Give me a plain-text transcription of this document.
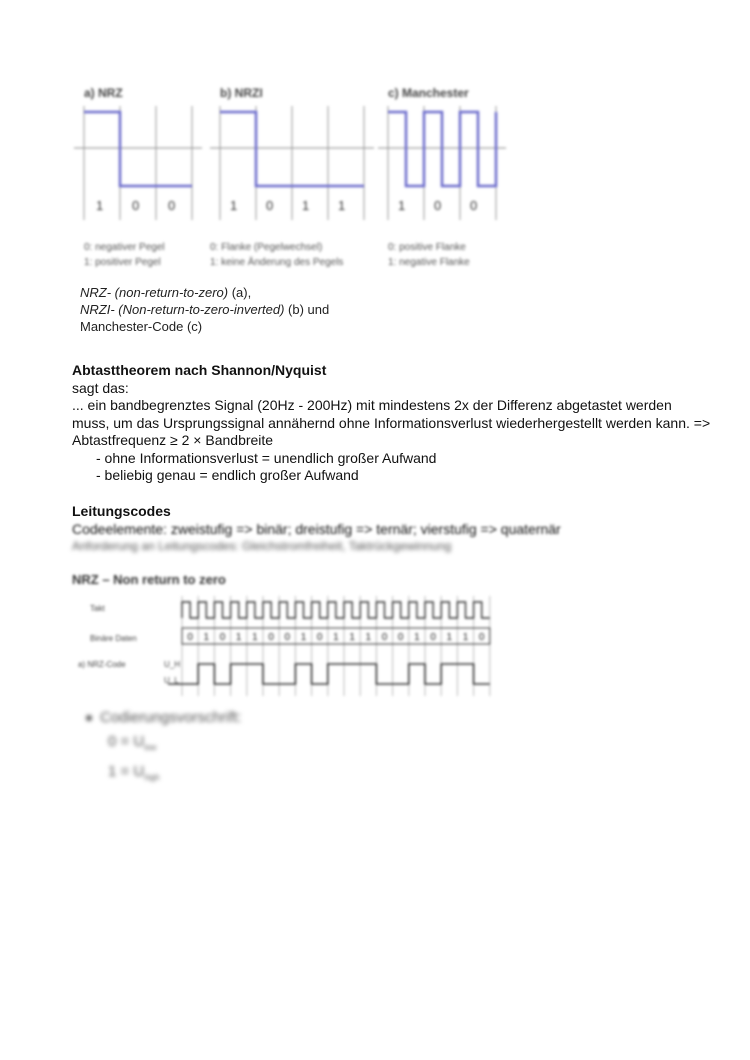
a) NRZ	b) NRZI	c) Manchester
1 0 0	1 0 1 1	1 0 0
0: negativer Pegel
1: positiver Pegel
0: Flanke (Pegelwechsel)
1: keine Änderung des Pegels
0: positive Flanke
1: negative Flanke
NRZ- (non-return-to-zero) (a),
NRZI- (Non-return-to-zero-inverted) (b) und
Manchester-Code (c)
Abtasttheorem nach Shannon/Nyquist

sagt das:

... ein bandbegrenztes Signal (20Hz - 200Hz) mit mindestens 2x der Differenz abgetastet werden muss, um das Ursprungssignal annähernd ohne Informationsverlust wiederhergestellt werden kann. => Abtastfrequenz ≥ 2 × Bandbreite

- ohne Informationsverlust = unendlich großer Aufwand

- beliebig genau = endlich großer Aufwand

Leitungscodes

Codeelemente: zweistufig => binär; dreistufig => ternär; vierstufig => quaternär

Anforderung an Leitungscodes: Gleichstromfreiheit, Taktrückgewinnung

NRZ – Non return to zero
0 1 0 1 1 0 0 1 0 1 1 1 0 0 1 0 1 1 0
Takt
Binäre Daten
a) NRZ-Code	U_H
U_L
Codierungsvorschrift:
$0 = U_{low}$
$1 = U_{high}$
